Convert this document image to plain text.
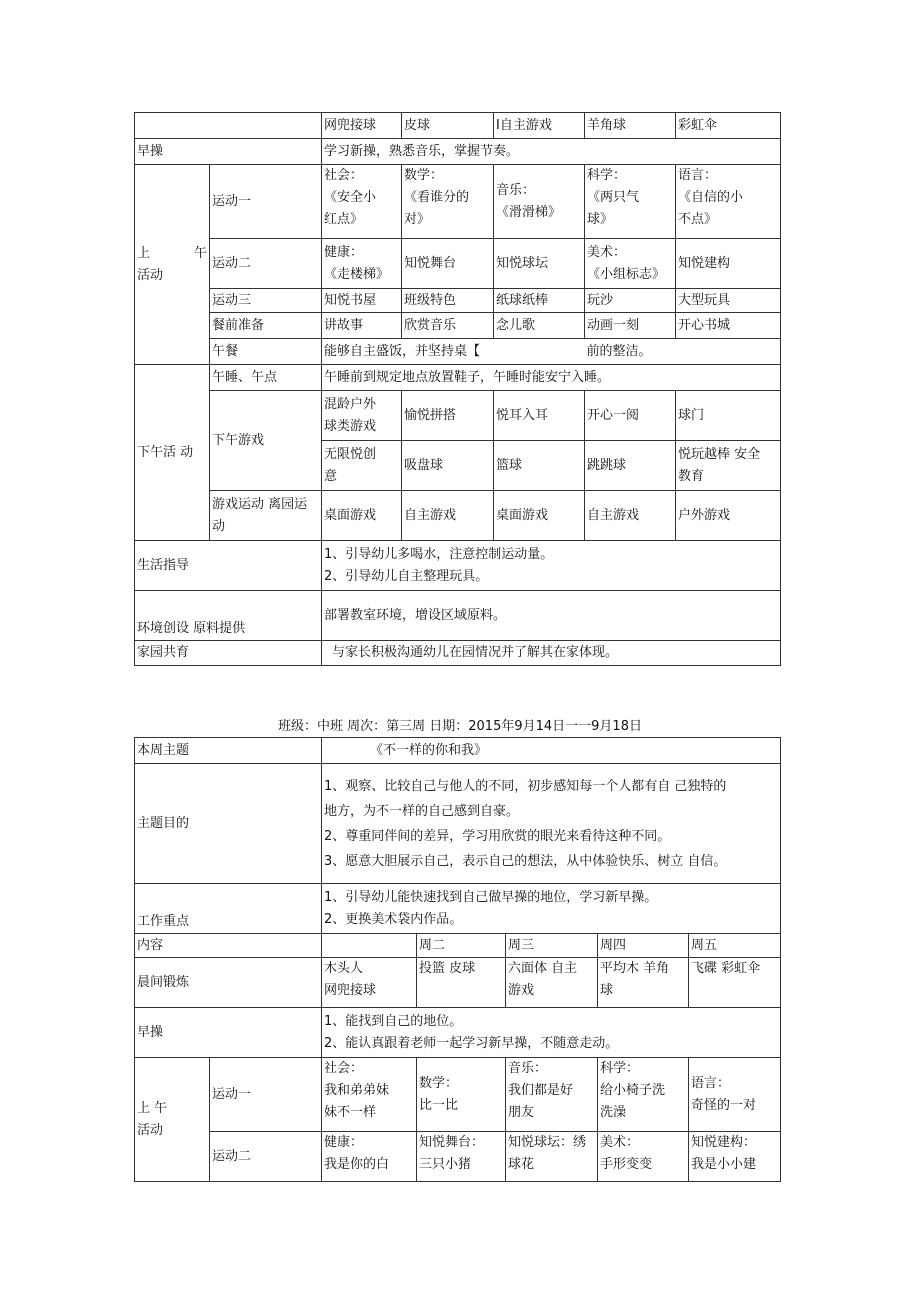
		网兜接球	皮球	I自主游戏	羊角球	彩虹伞
早操		学习新操，熟悉音乐，掌握节奏。				

上 午
活动	运动一	社会：
《安全小
红点》	数学：
《看谁分的
对》	音乐：
《滑滑梯》	科学：
《两只气
球》	语言：
《自信的小
不点》

	运动二	健康：
《走楼梯》	知悦舞台	知悦球坛	美术：
《小组标志》	知悦建构
	运动三	知悦书屋	班级特色	纸球纸棒	玩沙	大型玩具
	餐前准备	讲故事	欣赏音乐	念儿歌	动画一刻	开心书城
	午餐	能够自主盛饭，并坚持桌【			前的整洁。	
下午活 动	午睡、午点	午睡前到规定地点放置鞋子，午睡时能安宁入睡。				
	下午游戏	混龄户外
球类游戏	愉悦拼搭	悦耳入耳	开心一阅	球门

		无限悦创
意	吸盘球	篮球	跳跳球	悦玩越棒 安全
教育

	游戏运动 离园运动	桌面游戏	自主游戏	桌面游戏	自主游戏	户外游戏
生活指导		1、引导幼儿多喝水，注意控制运动量。
2、引导幼儿自主整理玩具。				

环境创设 原料提供		部署教室环境，增设区域原料。				
家园共育		与家长积极沟通幼儿在园情况并了解其在家体现。				
班级：中班 周次：第三周 日期：2015年9月14日一一9月18日
本周主题		《不一样的你和我》				
主题目的		1、观察、比较自己与他人的不同，初步感知每一个人都有自 己独特的
地方，为不一样的自己感到自豪。
2、尊重同伴间的差异，学习用欣赏的眼光来看待这种不同。
3、愿意大胆展示自己，表示自己的想法，从中体验快乐、树立 自信。				

工作重点		1、引导幼儿能快速找到自己做早操的地位，学习新早操。
2、更换美术袋内作品。				

内容			周二	周三	周四	周五
晨间锻炼		木头人
网兜接球	投篮 皮球	六面体 自主
游戏	平均木 羊角
球	飞碟 彩虹伞
早操		1、能找到自己的地位。
2、能认真跟着老师一起学习新早操，不随意走动。				

上 午
活动	运动一	社会：
我和弟弟妹
妹不一样	数学：
比一比	音乐：
我们都是好
朋友	科学：
给小椅子洗
洗澡	语言：
奇怪的一对

	运动二	健康：
我是你的白	知悦舞台：
三只小猪	知悦球坛：绣
球花	美术：
手形变变	知悦建构：
我是小小建
